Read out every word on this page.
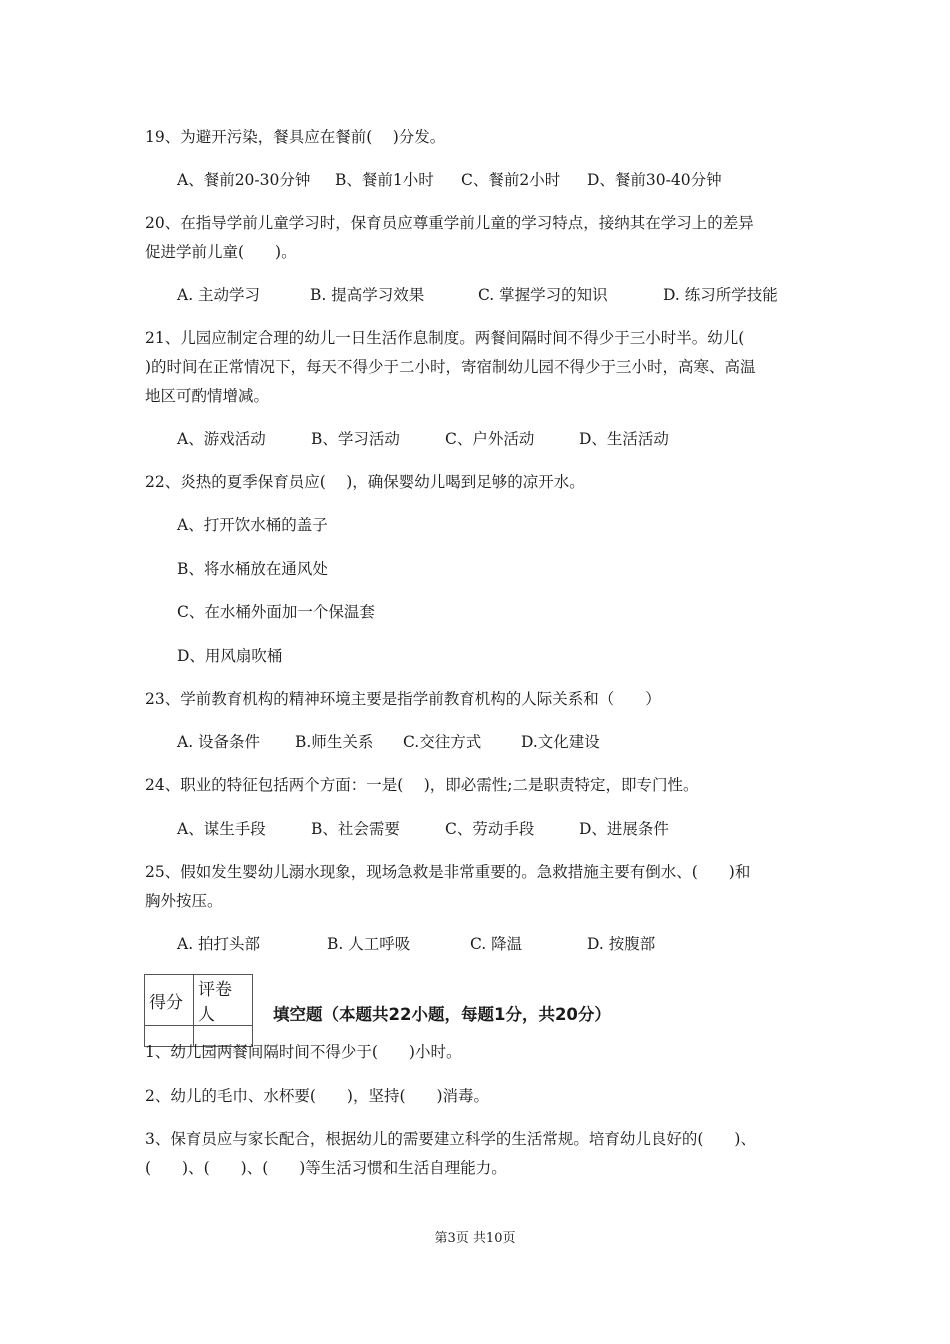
19、为避开污染，餐具应在餐前(　 )分发。
A、餐前20-30分钟 B、餐前1小时 C、餐前2小时 D、餐前30-40分钟
20、在指导学前儿童学习时，保育员应尊重学前儿童的学习特点，接纳其在学习上的差异
促进学前儿童(　　)。
A. 主动学习	B. 提高学习效果	C. 掌握学习的知识	D. 练习所学技能
21、儿园应制定合理的幼儿一日生活作息制度。两餐间隔时间不得少于三小时半。幼儿(
)的时间在正常情况下，每天不得少于二小时，寄宿制幼儿园不得少于三小时，高寒、高温
地区可酌情增减。
A、游戏活动	B、学习活动	C、户外活动	D、生活活动
22、炎热的夏季保育员应(　 )，确保婴幼儿喝到足够的凉开水。
A、打开饮水桶的盖子
B、将水桶放在通风处
C、在水桶外面加一个保温套
D、用风扇吹桶
23、学前教育机构的精神环境主要是指学前教育机构的人际关系和（　　）
A. 设备条件 B.师生关系 C.交往方式	D.文化建设
24、职业的特征包括两个方面：一是(　 )，即必需性;二是职责特定，即专门性。
A、谋生手段	B、社会需要	C、劳动手段	D、进展条件
25、假如发生婴幼儿溺水现象，现场急救是非常重要的。急救措施主要有倒水、(　　)和
胸外按压。
A. 拍打头部	B. 人工呼吸	C. 降温	D. 按腹部
得分	评卷人
		填空题（本题共22小题，每题1分，共20分）
1、幼儿园两餐间隔时间不得少于(　　)小时。
2、幼儿的毛巾、水杯要(　　)，坚持(　　)消毒。
3、保育员应与家长配合，根据幼儿的需要建立科学的生活常规。培育幼儿良好的(　　)、
(　　)、(　　)、(　　)等生活习惯和生活自理能力。
第3页 共10页
